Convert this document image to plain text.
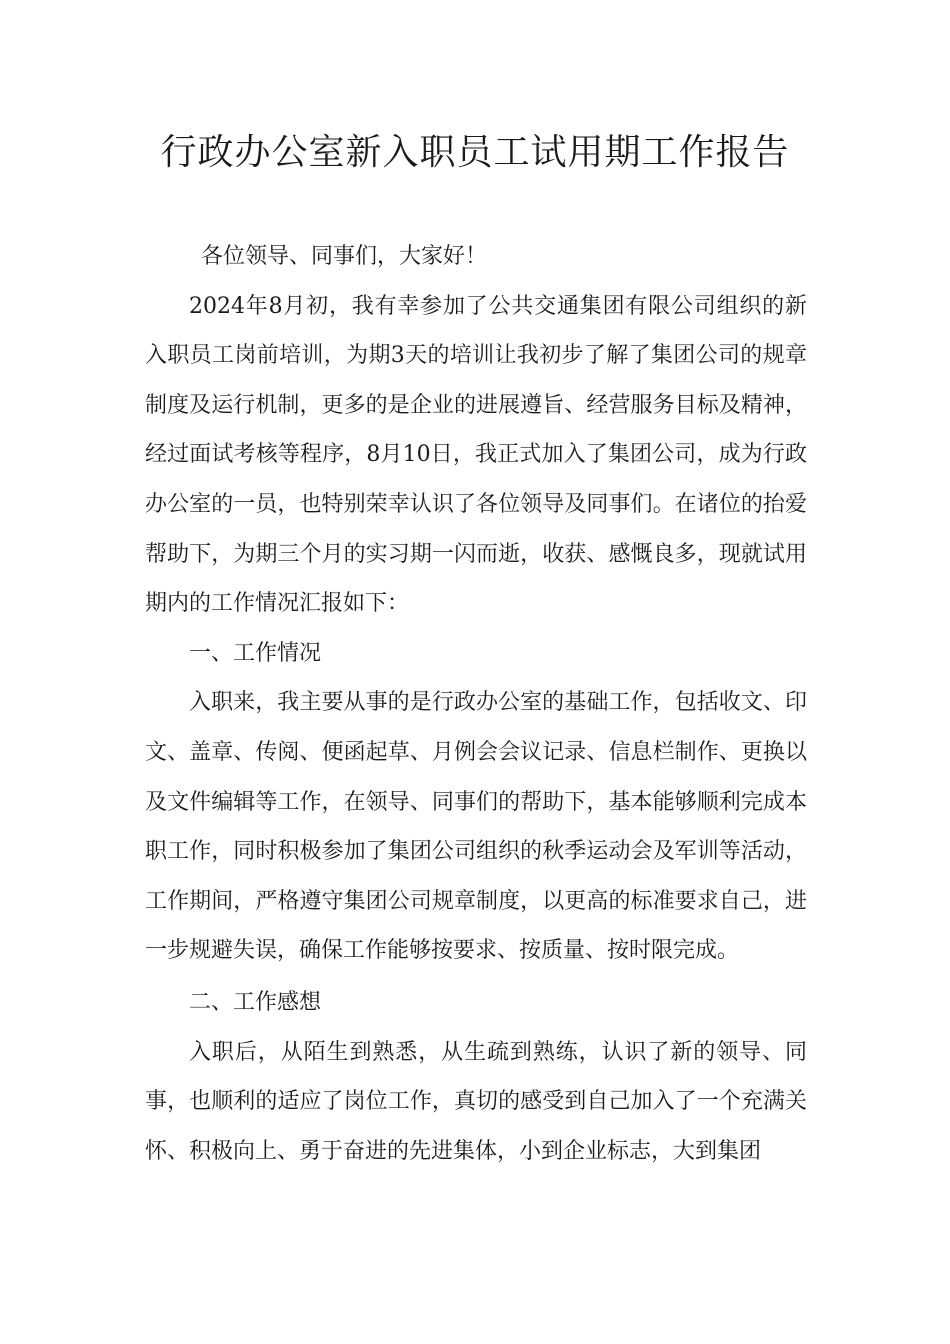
行政办公室新入职员工试用期工作报告

各位领导、同事们，大家好！

2024年8月初，我有幸参加了公共交通集团有限公司组织的新入职员工岗前培训，为期3天的培训让我初步了解了集团公司的规章制度及运行机制，更多的是企业的进展遵旨、经营服务目标及精神，经过面试考核等程序，8月10日，我正式加入了集团公司，成为行政办公室的一员，也特别荣幸认识了各位领导及同事们。在诸位的抬爱帮助下，为期三个月的实习期一闪而逝，收获、感慨良多，现就试用期内的工作情况汇报如下：

一、工作情况

入职来，我主要从事的是行政办公室的基础工作，包括收文、印文、盖章、传阅、便函起草、月例会会议记录、信息栏制作、更换以及文件编辑等工作，在领导、同事们的帮助下，基本能够顺利完成本职工作，同时积极参加了集团公司组织的秋季运动会及军训等活动，工作期间，严格遵守集团公司规章制度，以更高的标准要求自己，进一步规避失误，确保工作能够按要求、按质量、按时限完成。

二、工作感想

入职后，从陌生到熟悉，从生疏到熟练，认识了新的领导、同事，也顺利的适应了岗位工作，真切的感受到自己加入了一个充满关怀、积极向上、勇于奋进的先进集体，小到企业标志，大到集团
